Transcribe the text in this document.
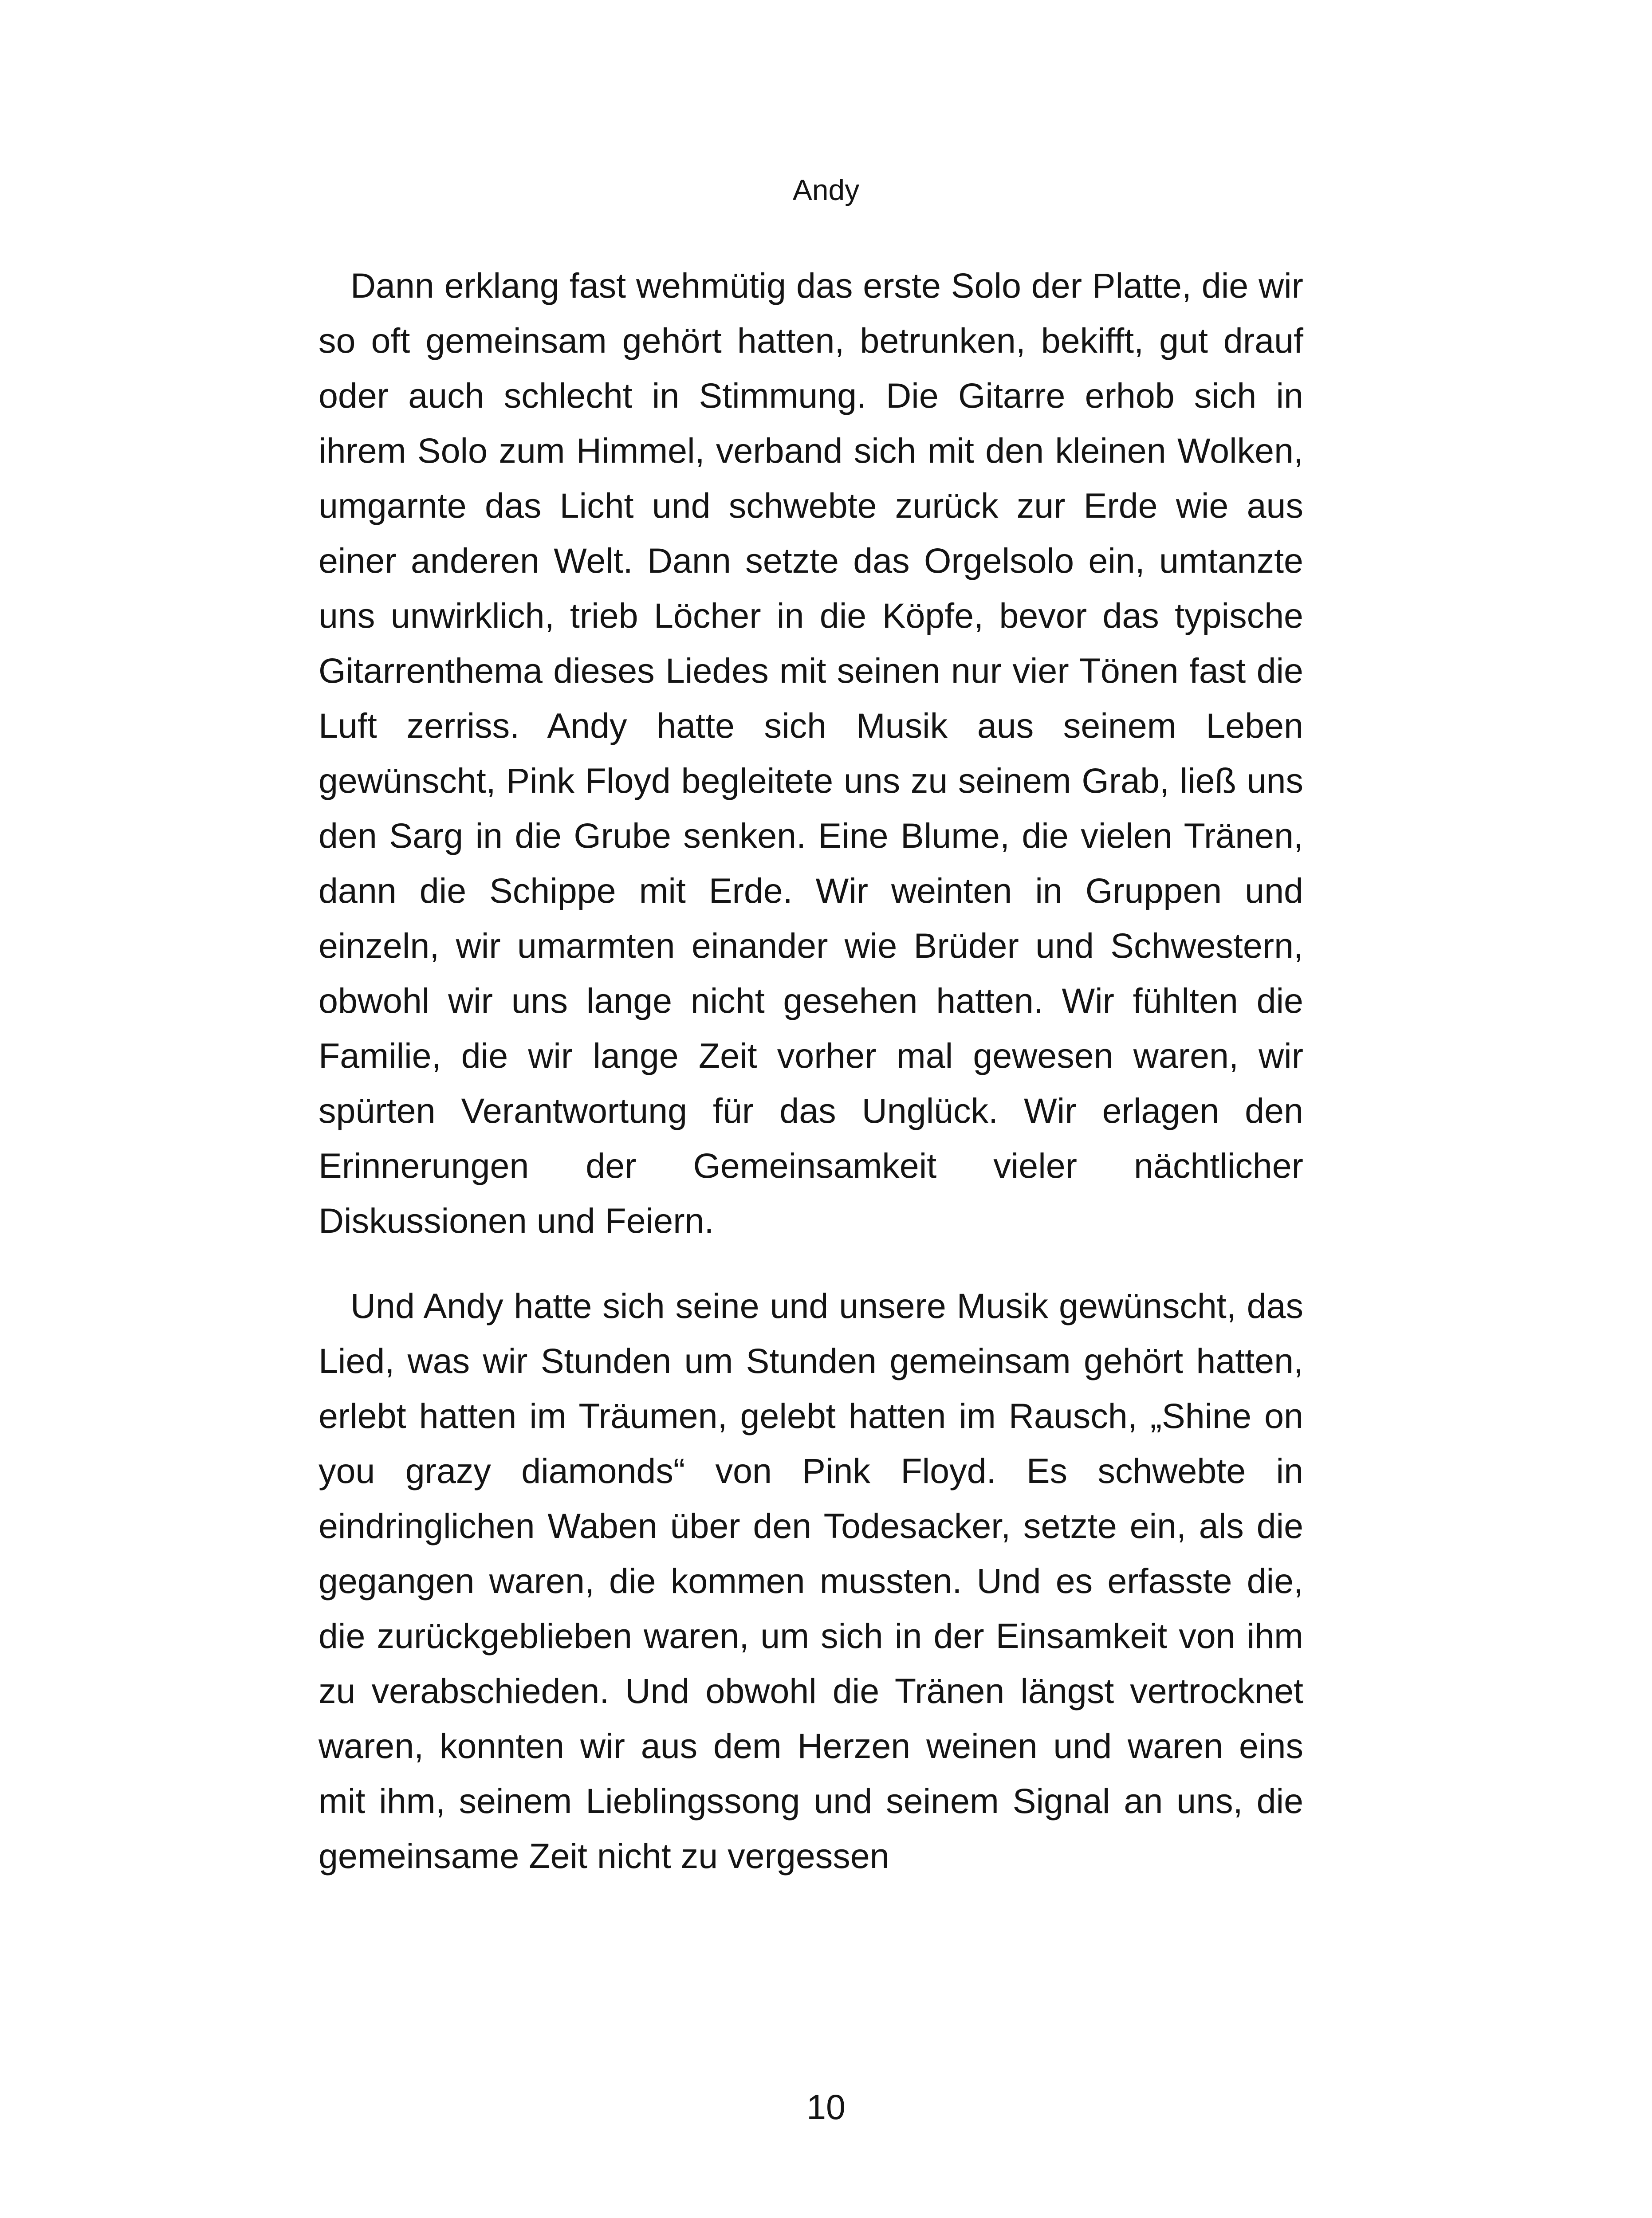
Andy

Dann erklang fast wehmütig das erste Solo der Platte, die wir so oft gemeinsam gehört hatten, betrunken, bekifft, gut drauf oder auch schlecht in Stimmung. Die Gitarre erhob sich in ihrem Solo zum Himmel, verband sich mit den kleinen Wolken, umgarnte das Licht und schwebte zurück zur Erde wie aus einer anderen Welt. Dann setzte das Orgelsolo ein, umtanzte uns unwirklich, trieb Löcher in die Köpfe, bevor das typische Gitarrenthema dieses Liedes mit seinen nur vier Tönen fast die Luft zerriss. Andy hatte sich Musik aus seinem Leben gewünscht, Pink Floyd begleitete uns zu seinem Grab, ließ uns den Sarg in die Grube senken. Eine Blume, die vielen Tränen, dann die Schippe mit Erde. Wir weinten in Gruppen und einzeln, wir umarmten einander wie Brüder und Schwestern, obwohl wir uns lange nicht gesehen hatten. Wir fühlten die Familie, die wir lange Zeit vorher mal gewesen waren, wir spürten Verantwortung für das Unglück. Wir erlagen den Erinnerungen der Gemeinsamkeit vieler nächtlicher Diskussionen und Feiern.

Und Andy hatte sich seine und unsere Musik gewünscht, das Lied, was wir Stunden um Stunden gemeinsam gehört hatten, erlebt hatten im Träumen, gelebt hatten im Rausch, „Shine on you grazy diamonds“ von Pink Floyd. Es schwebte in eindringlichen Waben über den Todesacker, setzte ein, als die gegangen waren, die kommen mussten. Und es erfasste die, die zurückgeblieben waren, um sich in der Einsamkeit von ihm zu verabschieden. Und obwohl die Tränen längst vertrocknet waren, konnten wir aus dem Herzen weinen und waren eins mit ihm, seinem Lieblingssong und seinem Signal an uns, die gemeinsame Zeit nicht zu vergessen

10
